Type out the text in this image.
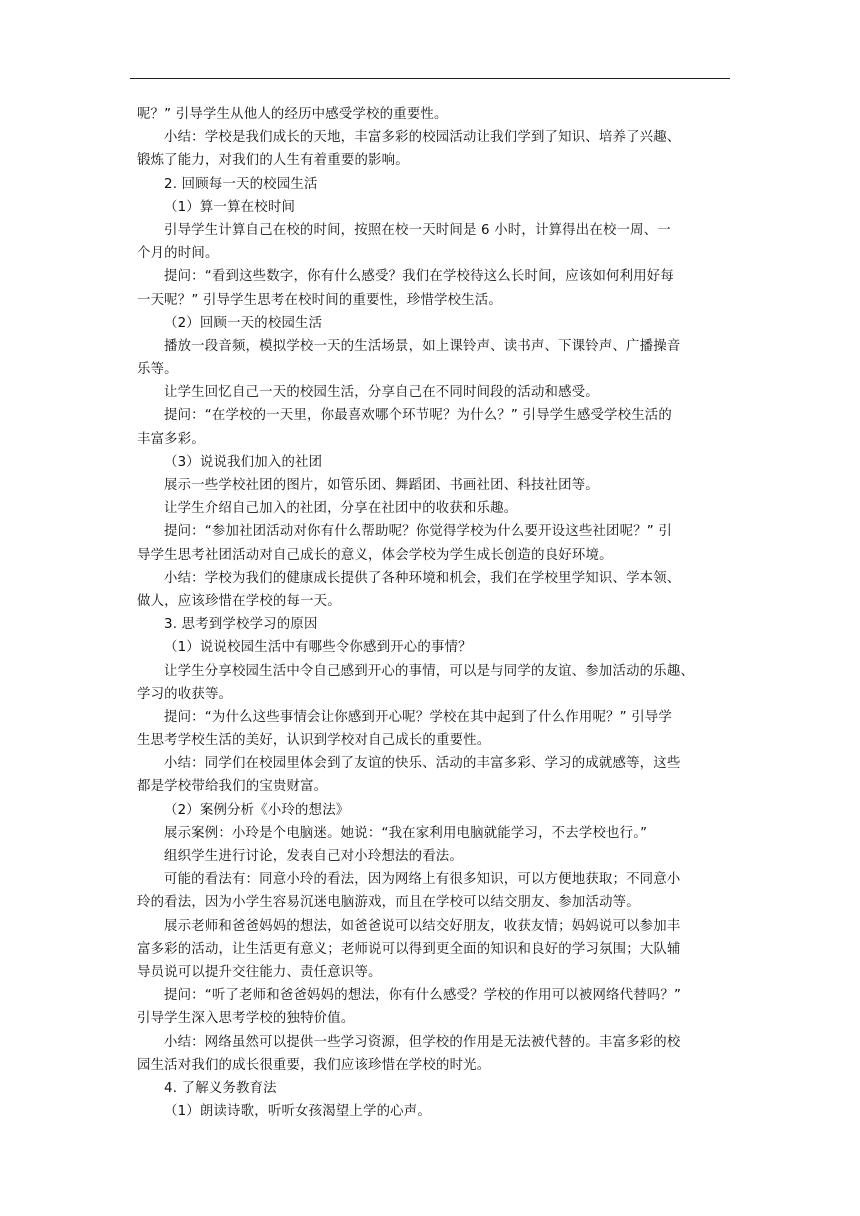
呢？” 引导学生从他人的经历中感受学校的重要性。
小结：学校是我们成长的天地，丰富多彩的校园活动让我们学到了知识、培养了兴趣、
锻炼了能力，对我们的人生有着重要的影响。
2. 回顾每一天的校园生活
（1）算一算在校时间
引导学生计算自己在校的时间，按照在校一天时间是 6 小时，计算得出在校一周、一
个月的时间。
提问：“看到这些数字，你有什么感受？我们在学校待这么长时间，应该如何利用好每
一天呢？” 引导学生思考在校时间的重要性，珍惜学校生活。
（2）回顾一天的校园生活
播放一段音频，模拟学校一天的生活场景，如上课铃声、读书声、下课铃声、广播操音
乐等。
让学生回忆自己一天的校园生活，分享自己在不同时间段的活动和感受。
提问：“在学校的一天里，你最喜欢哪个环节呢？为什么？” 引导学生感受学校生活的
丰富多彩。
（3）说说我们加入的社团
展示一些学校社团的图片，如管乐团、舞蹈团、书画社团、科技社团等。
让学生介绍自己加入的社团，分享在社团中的收获和乐趣。
提问：“参加社团活动对你有什么帮助呢？你觉得学校为什么要开设这些社团呢？” 引
导学生思考社团活动对自己成长的意义，体会学校为学生成长创造的良好环境。
小结：学校为我们的健康成长提供了各种环境和机会，我们在学校里学知识、学本领、
做人，应该珍惜在学校的每一天。
3. 思考到学校学习的原因
（1）说说校园生活中有哪些令你感到开心的事情？
让学生分享校园生活中令自己感到开心的事情，可以是与同学的友谊、参加活动的乐趣、
学习的收获等。
提问：“为什么这些事情会让你感到开心呢？学校在其中起到了什么作用呢？” 引导学
生思考学校生活的美好，认识到学校对自己成长的重要性。
小结：同学们在校园里体会到了友谊的快乐、活动的丰富多彩、学习的成就感等，这些
都是学校带给我们的宝贵财富。
（2）案例分析《小玲的想法》
展示案例：小玲是个电脑迷。她说：“我在家利用电脑就能学习，不去学校也行。”
组织学生进行讨论，发表自己对小玲想法的看法。
可能的看法有：同意小玲的看法，因为网络上有很多知识，可以方便地获取；不同意小
玲的看法，因为小学生容易沉迷电脑游戏，而且在学校可以结交朋友、参加活动等。
展示老师和爸爸妈妈的想法，如爸爸说可以结交好朋友，收获友情；妈妈说可以参加丰
富多彩的活动，让生活更有意义；老师说可以得到更全面的知识和良好的学习氛围；大队辅
导员说可以提升交往能力、责任意识等。
提问：“听了老师和爸爸妈妈的想法，你有什么感受？学校的作用可以被网络代替吗？”
引导学生深入思考学校的独特价值。
小结：网络虽然可以提供一些学习资源，但学校的作用是无法被代替的。丰富多彩的校
园生活对我们的成长很重要，我们应该珍惜在学校的时光。
4. 了解义务教育法
（1）朗读诗歌，听听女孩渴望上学的心声。
